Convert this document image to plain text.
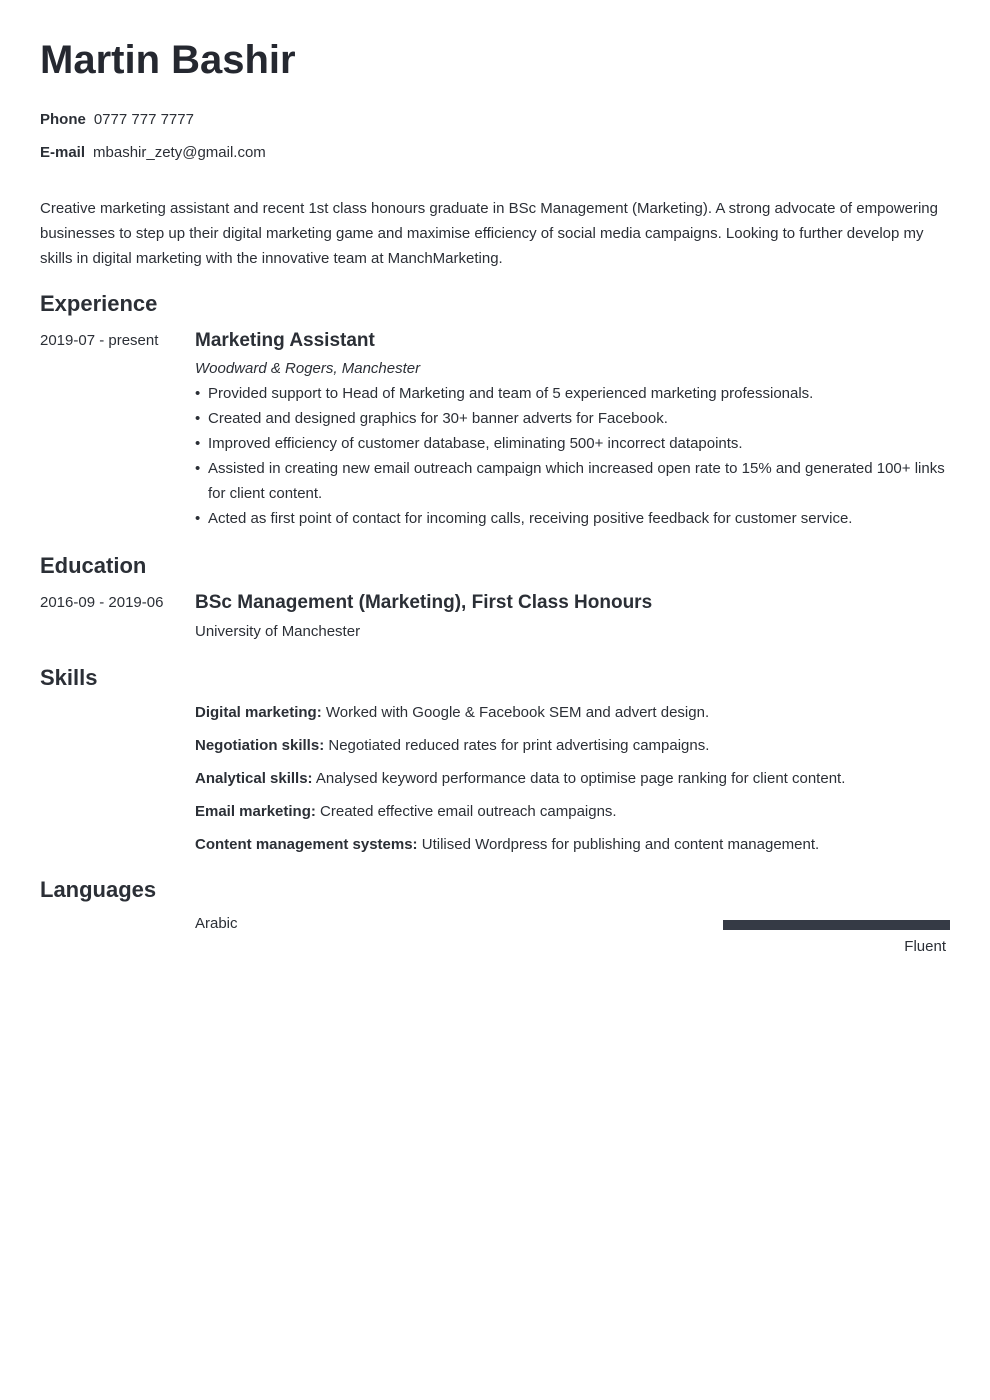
Martin Bashir
Phone 0777 777 7777
E-mail mbashir_zety@gmail.com

Creative marketing assistant and recent 1st class honours graduate in BSc Management (Marketing). A strong advocate of empowering businesses to step up their digital marketing game and maximise efficiency of social media campaigns. Looking to further develop my skills in digital marketing with the innovative team at ManchMarketing.

Experience
2019-07 - present Marketing Assistant
Woodward & Rogers, Manchester
• Provided support to Head of Marketing and team of 5 experienced marketing professionals.
• Created and designed graphics for 30+ banner adverts for Facebook.
• Improved efficiency of customer database, eliminating 500+ incorrect datapoints.
• Assisted in creating new email outreach campaign which increased open rate to 15% and generated 100+ links for client content.
• Acted as first point of contact for incoming calls, receiving positive feedback for customer service.
Education
2016-09 - 2019-06 BSc Management (Marketing), First Class Honours
University of Manchester
Skills
Digital marketing: Worked with Google & Facebook SEM and advert design.
Negotiation skills: Negotiated reduced rates for print advertising campaigns.
Analytical skills: Analysed keyword performance data to optimise page ranking for client content.
Email marketing: Created effective email outreach campaigns.
Content management systems: Utilised Wordpress for publishing and content management.
Languages
Arabic
Fluent
